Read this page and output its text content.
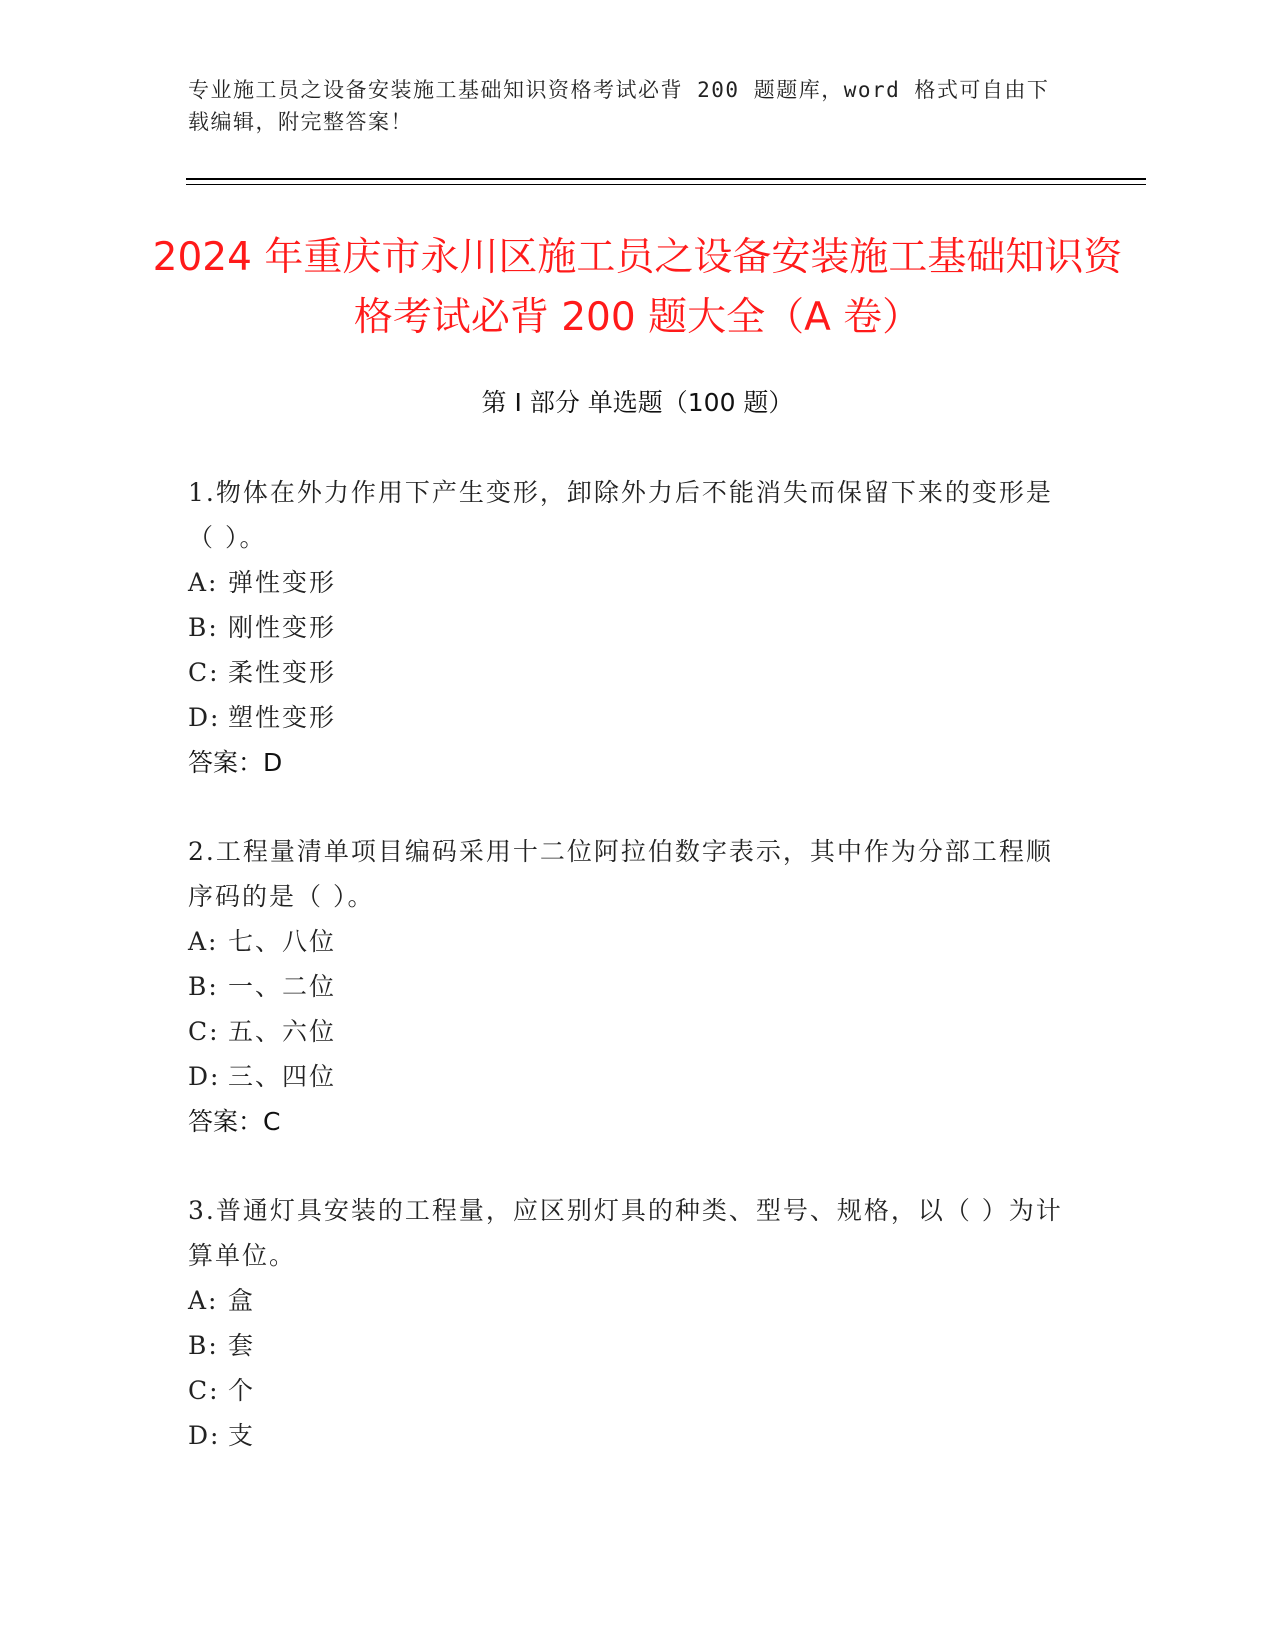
专业施工员之设备安装施工基础知识资格考试必背 200 题题库，word 格式可自由下载编辑，附完整答案！
2024 年重庆市永川区施工员之设备安装施工基础知识资格考试必背 200 题大全（A 卷）
第 I 部分 单选题（100 题）
1.物体在外力作用下产生变形，卸除外力后不能消失而保留下来的变形是（ ）。
A: 弹性变形
B: 刚性变形
C: 柔性变形
D: 塑性变形
答案：D
2.工程量清单项目编码采用十二位阿拉伯数字表示，其中作为分部工程顺序码的是（ ）。
A: 七、八位
B: 一、二位
C: 五、六位
D: 三、四位
答案：C
3.普通灯具安装的工程量，应区别灯具的种类、型号、规格，以（ ）为计算单位。
A: 盒
B: 套
C: 个
D: 支
